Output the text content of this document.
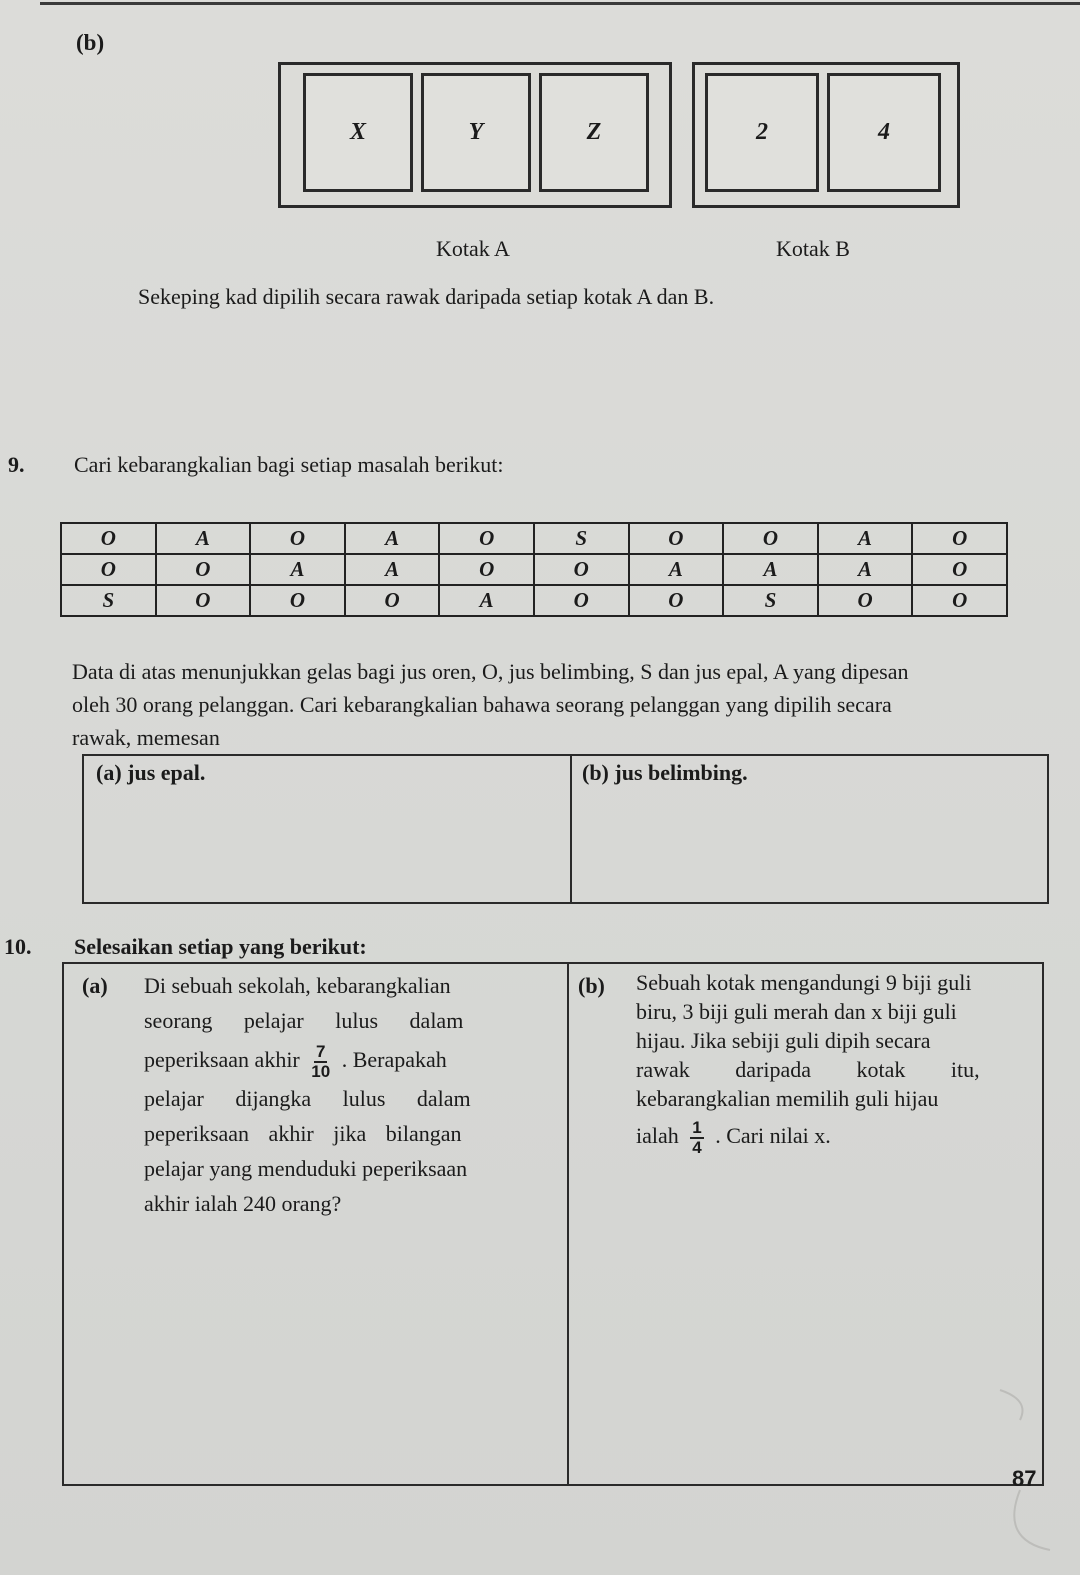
(b)
X	Y	Z	2	4
Kotak A	Kotak B
Sekeping kad dipilih secara rawak daripada setiap kotak A dan B.
9. Cari kebarangkalian bagi setiap masalah berikut:
O	A	O	A	O	S	O	O	A	O
O	O	A	A	O	O	A	A	A	O
S	O	O	O	A	O	O	S	O	O
Data di atas menunjukkan gelas bagi jus oren, O, jus belimbing, S dan jus epal, A yang dipesan
oleh 30 orang pelanggan. Cari kebarangkalian bahawa seorang pelanggan yang dipilih secara
rawak, memesan
(a) jus epal.	(b) jus belimbing.
10. Selesaikan setiap yang berikut:
(a) Di sebuah sekolah, kebarangkalian
seorang pelajar lulus dalam
peperiksaan akhir $\frac{7}{10}$ . Berapakah
pelajar dijangka lulus dalam
peperiksaan akhir jika bilangan
pelajar yang menduduki peperiksaan
akhir ialah 240 orang?
(b) Sebuah kotak mengandungi 9 biji guli
biru, 3 biji guli merah dan x biji guli
hijau. Jika sebiji guli dipih secara
rawak daripada kotak itu,
kebarangkalian memilih guli hijau
ialah $\frac{1}{4}$ . Cari nilai x.
87
